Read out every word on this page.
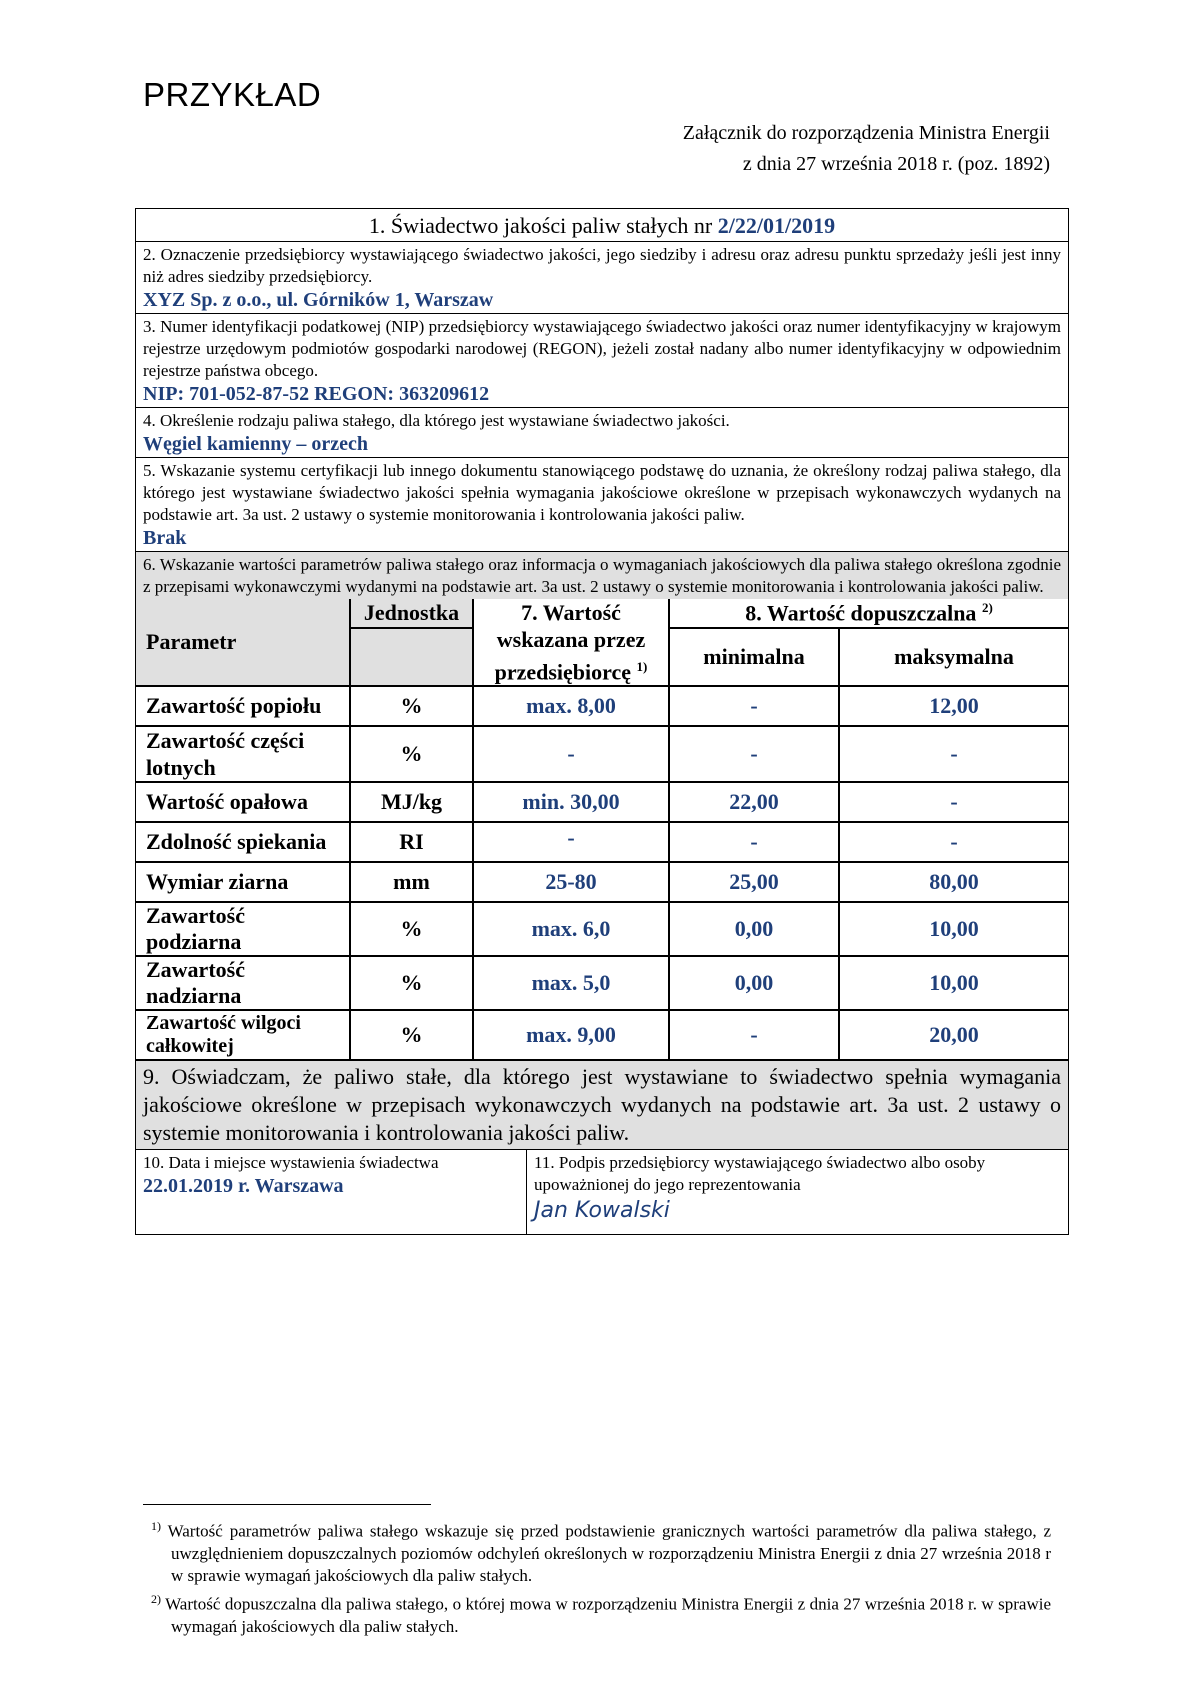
PRZYKŁAD
Załącznik do rozporządzenia Ministra Energii
z dnia 27 września 2018 r. (poz. 1892)
1. Świadectwo jakości paliw stałych nr 2/22/01/2019
2. Oznaczenie przedsiębiorcy wystawiającego świadectwo jakości, jego siedziby i adresu oraz adresu punktu sprzedaży jeśli jest inny niż adres siedziby przedsiębiorcy.
XYZ Sp. z o.o., ul. Górników 1, Warszaw
3. Numer identyfikacji podatkowej (NIP) przedsiębiorcy wystawiającego świadectwo jakości oraz numer identyfikacyjny w krajowym rejestrze urzędowym podmiotów gospodarki narodowej (REGON), jeżeli został nadany albo numer identyfikacyjny w odpowiednim rejestrze państwa obcego.
NIP: 701-052-87-52 REGON: 363209612
4. Określenie rodzaju paliwa stałego, dla którego jest wystawiane świadectwo jakości.
Węgiel kamienny – orzech
5. Wskazanie systemu certyfikacji lub innego dokumentu stanowiącego podstawę do uznania, że określony rodzaj paliwa stałego, dla którego jest wystawiane świadectwo jakości spełnia wymagania jakościowe określone w przepisach wykonawczych wydanych na podstawie art. 3a ust. 2 ustawy o systemie monitorowania i kontrolowania jakości paliw.
Brak
6. Wskazanie wartości parametrów paliwa stałego oraz informacja o wymaganiach jakościowych dla paliwa stałego określona zgodnie z przepisami wykonawczymi wydanymi na podstawie art. 3a ust. 2 ustawy o systemie monitorowania i kontrolowania jakości paliw.
Parametr	Jednostka	7. Wartość wskazana przez przedsiębiorcę $^{1)}$	8. Wartość dopuszczalna $^{2)}$
			minimalna	maksymalna
Zawartość popiołu	%	max. 8,00	-	12,00
Zawartość części lotnych	%	-	-	-
Wartość opałowa	MJ/kg	min. 30,00	22,00	-
Zdolność spiekania	RI	-	-	-
Wymiar ziarna	mm	25-80	25,00	80,00
Zawartość podziarna	%	max. 6,0	0,00	10,00
Zawartość nadziarna	%	max. 5,0	0,00	10,00
Zawartość wilgoci całkowitej	%	max. 9,00	-	20,00
9. Oświadczam, że paliwo stałe, dla którego jest wystawiane to świadectwo spełnia wymagania jakościowe określone w przepisach wykonawczych wydanych na podstawie art. 3a ust. 2 ustawy o systemie monitorowania i kontrolowania jakości paliw.
10. Data i miejsce wystawienia świadectwa
22.01.2019 r. Warszawa
11. Podpis przedsiębiorcy wystawiającego świadectwo albo osoby upoważnionej do jego reprezentowania
Jan Kowalski
$^{1)}$ Wartość parametrów paliwa stałego wskazuje się przed podstawienie granicznych wartości parametrów dla paliwa stałego, z uwzględnieniem dopuszczalnych poziomów odchyleń określonych w rozporządzeniu Ministra Energii z dnia 27 września 2018 r w sprawie wymagań jakościowych dla paliw stałych.
$^{2)}$ Wartość dopuszczalna dla paliwa stałego, o której mowa w rozporządzeniu Ministra Energii z dnia 27 września 2018 r. w sprawie wymagań jakościowych dla paliw stałych.
